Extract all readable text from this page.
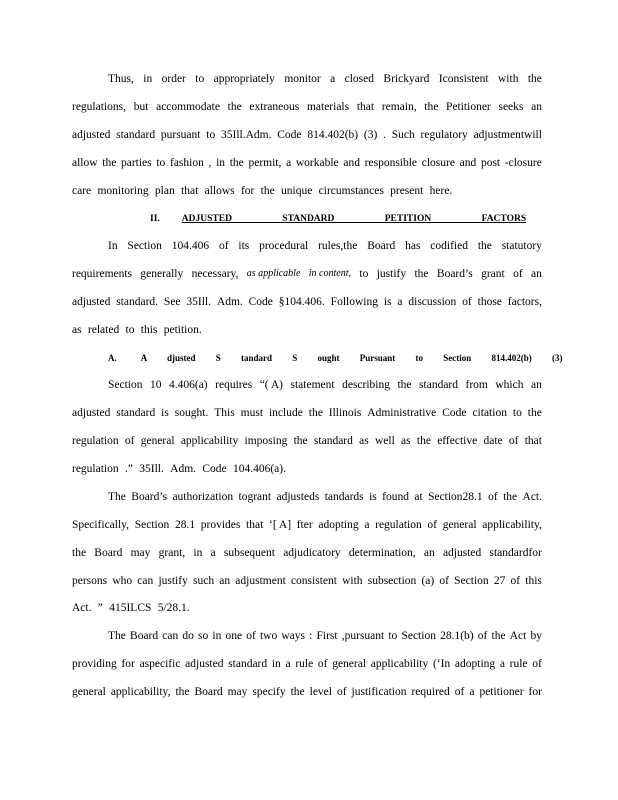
Thus, in order to appropriately monitor a closed Brickyard Iconsistent with the
regulations, but accommodate the extraneous materials that remain, the Petitioner seeks an
adjusted standard pursuant to 35Ill.Adm. Code 814.402(b) (3) . Such regulatory adjustmentwill
allow the parties to fashion , in the permit, a workable and responsible closure and post -closure
care monitoring plan that allows for the unique circumstances present here.
II. ADJUSTED STANDARD PETITION FACTORS
In Section 104.406 of its procedural rules,the Board has codified the statutory
requirements generally necessary, as applicable in content, to justify the Board’s grant of an
adjusted standard. See 35Ill. Adm. Code §104.406. Following is a discussion of those factors,
as related to this petition.
A.	A djusted S tandard S ought Pursuant to Section 814.402(b) (3)
Section 10 4.406(a) requires “( A) statement describing the standard from which an
adjusted standard is sought. This must include the Illinois Administrative Code citation to the
regulation of general applicability imposing the standard as well as the effective date of that
regulation .” 35Ill. Adm. Code 104.406(a).
The Board’s authorization togrant adjusteds tandards is found at Section28.1 of the Act.
Specifically, Section 28.1 provides that ‘[ A] fter adopting a regulation of general applicability,
the Board may grant, in a subsequent adjudicatory determination, an adjusted standardfor
persons who can justify such an adjustment consistent with subsection (a) of Section 27 of this
Act. ” 415ILCS 5/28.1.
The Board can do so in one of two ways : First ,pursuant to Section 28.1(b) of the Act by
providing for aspecific adjusted standard in a rule of general applicability (‘In adopting a rule of
general applicability, the Board may specify the level of justification required of a petitioner for
